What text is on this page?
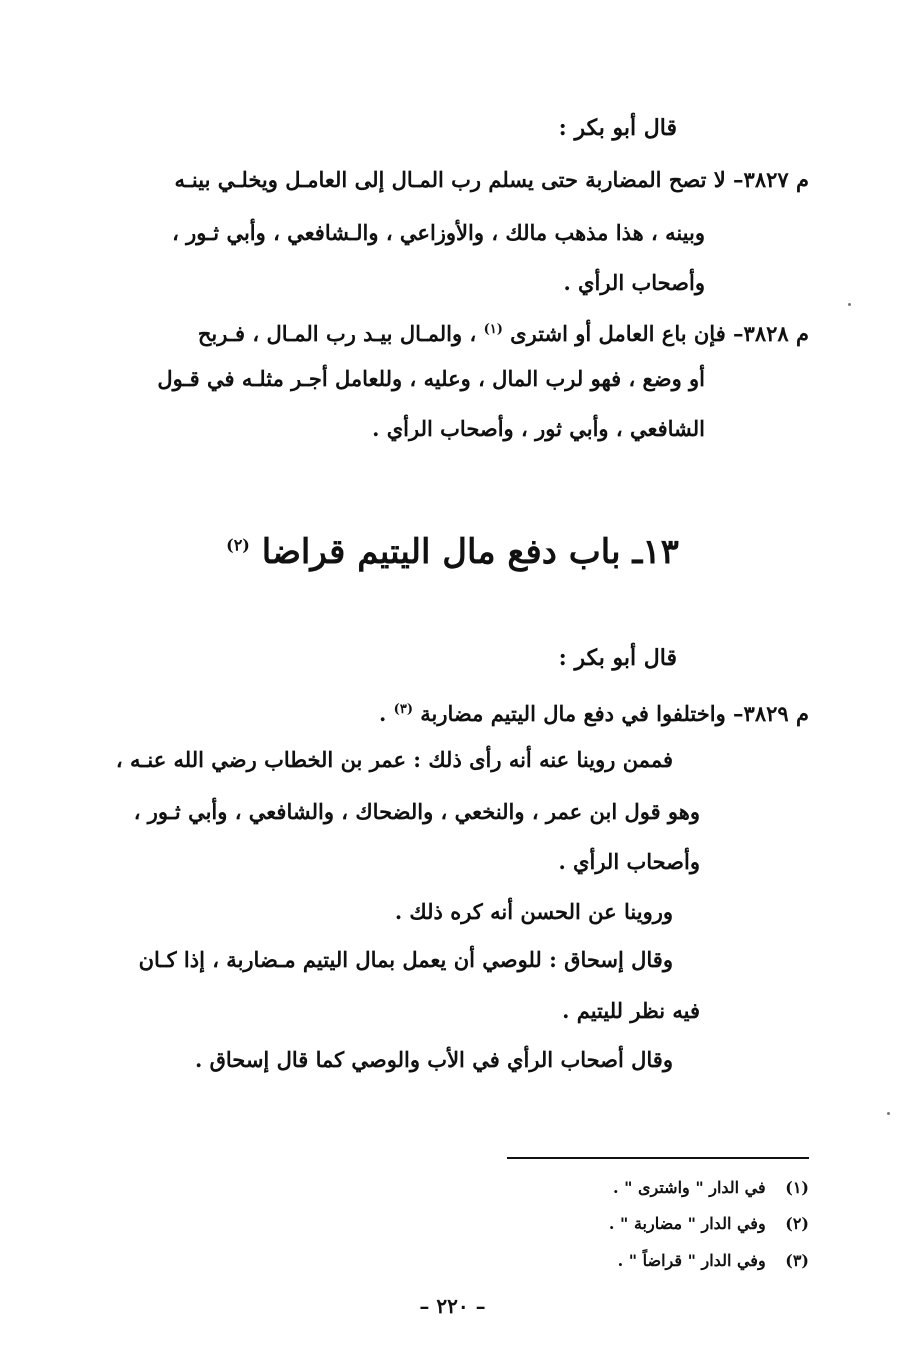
قال أبو بكر :
م ٣٨٢٧– لا تصح المضاربة حتى يسلم رب المـال إلى العامـل ويخلـي بينـه
وبينه ، هذا مذهب مالك ، والأوزاعي ، والـشافعي ، وأبي ثـور ،
وأصحاب الرأي .
م ٣٨٢٨– فإن باع العامل أو اشترى $^{(١)}$ ، والمـال بيـد رب المـال ، فـربح
أو وضع ، فهو لرب المال ، وعليه ، وللعامل أجـر مثلـه في قـول
الشافعي ، وأبي ثور ، وأصحاب الرأي .
١٣ـ باب دفع مال اليتيم قراضا $^{(٢)}$
قال أبو بكر :
م ٣٨٢٩– واختلفوا في دفع مال اليتيم مضاربة $^{(٣)}$ .
فممن روينا عنه أنه رأى ذلك : عمر بن الخطاب رضي الله عنـه ،
وهو قول ابن عمر ، والنخعي ، والضحاك ، والشافعي ، وأبي ثـور ،
وأصحاب الرأي .
وروينا عن الحسن أنه كره ذلك .
وقال إسحاق : للوصي أن يعمل بمال اليتيم مـضاربة ، إذا كـان
فيه نظر لليتيم .
وقال أصحاب الرأي في الأب والوصي كما قال إسحاق .
(١) في الدار " واشترى " .
(٢) وفي الدار " مضاربة " .
(٣) وفي الدار " قراضاً " .
– ٢٢٠ –
